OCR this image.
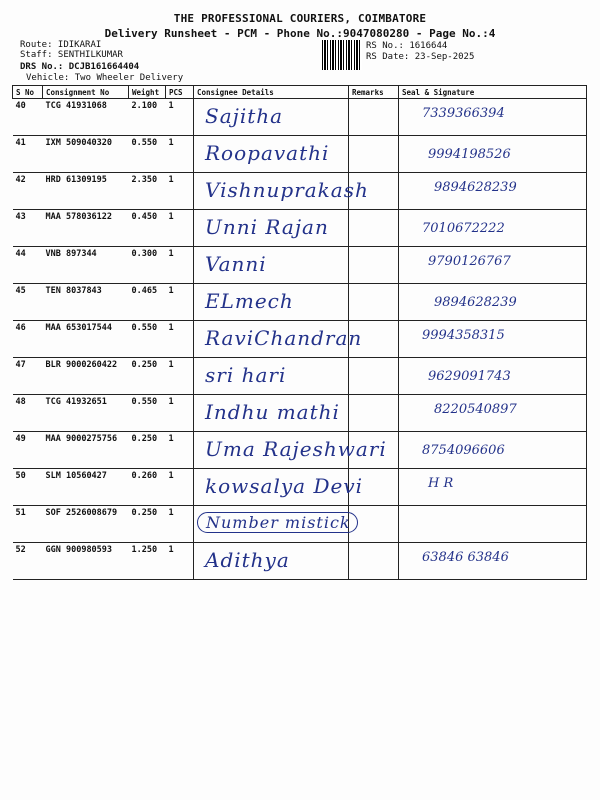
THE PROFESSIONAL COURIERS, COIMBATORE
Delivery Runsheet - PCM - Phone No.:9047080280 - Page No.:4
Route: IDIKARAI
Staff: SENTHILKUMAR
DRS No.: DCJB161664404
Vehicle: Two Wheeler Delivery
RS No.: 1616644
RS Date: 23-Sep-2025
S No	Consignment No	Weight	PCS	Consignee Details	Remarks	Seal & Signature
40	TCG 41931068	2.100	1	Sajitha		7339366394

41	IXM 509040320	0.550	1	Roopavathi		9994198526

42	HRD 61309195	2.350	1	Vishnuprakash		9894628239

43	MAA 578036122	0.450	1	Unni Rajan		7010672222

44	VNB 897344	0.300	1	Vanni		9790126767

45	TEN 8037843	0.465	1	ELmech		9894628239

46	MAA 653017544	0.550	1	RaviChandran		9994358315

47	BLR 9000260422	0.250	1	sri hari		9629091743

48	TCG 41932651	0.550	1	Indhu mathi		8220540897

49	MAA 9000275756	0.250	1	Uma Rajeshwari		8754096606

50	SLM 10560427	0.260	1	kowsalya Devi		H R

51	SOF 2526008679	0.250	1	Number mistick		

52	GGN 900980593	1.250	1	Adithya		63846 63846
